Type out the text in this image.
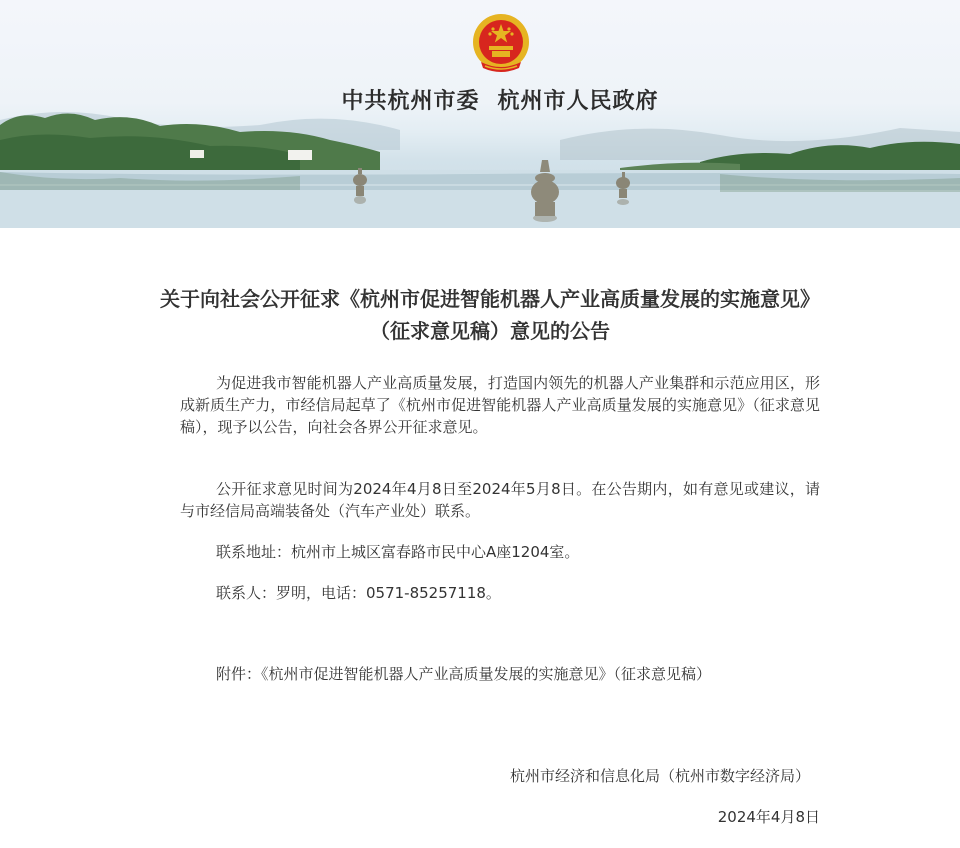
中共杭州市委 杭州市人民政府
关于向社会公开征求《杭州市促进智能机器人产业高质量发展的实施意见》（征求意见稿）意见的公告

为促进我市智能机器人产业高质量发展，打造国内领先的机器人产业集群和示范应用区，形成新质生产力，市经信局起草了《杭州市促进智能机器人产业高质量发展的实施意见》（征求意见稿），现予以公告，向社会各界公开征求意见。

公开征求意见时间为2024年4月8日至2024年5月8日。在公告期内，如有意见或建议，请与市经信局高端装备处（汽车产业处）联系。

联系地址：杭州市上城区富春路市民中心A座1204室。

联系人：罗明，电话：0571-85257118。

附件：《杭州市促进智能机器人产业高质量发展的实施意见》（征求意见稿）

杭州市经济和信息化局（杭州市数字经济局）
2024年4月8日
